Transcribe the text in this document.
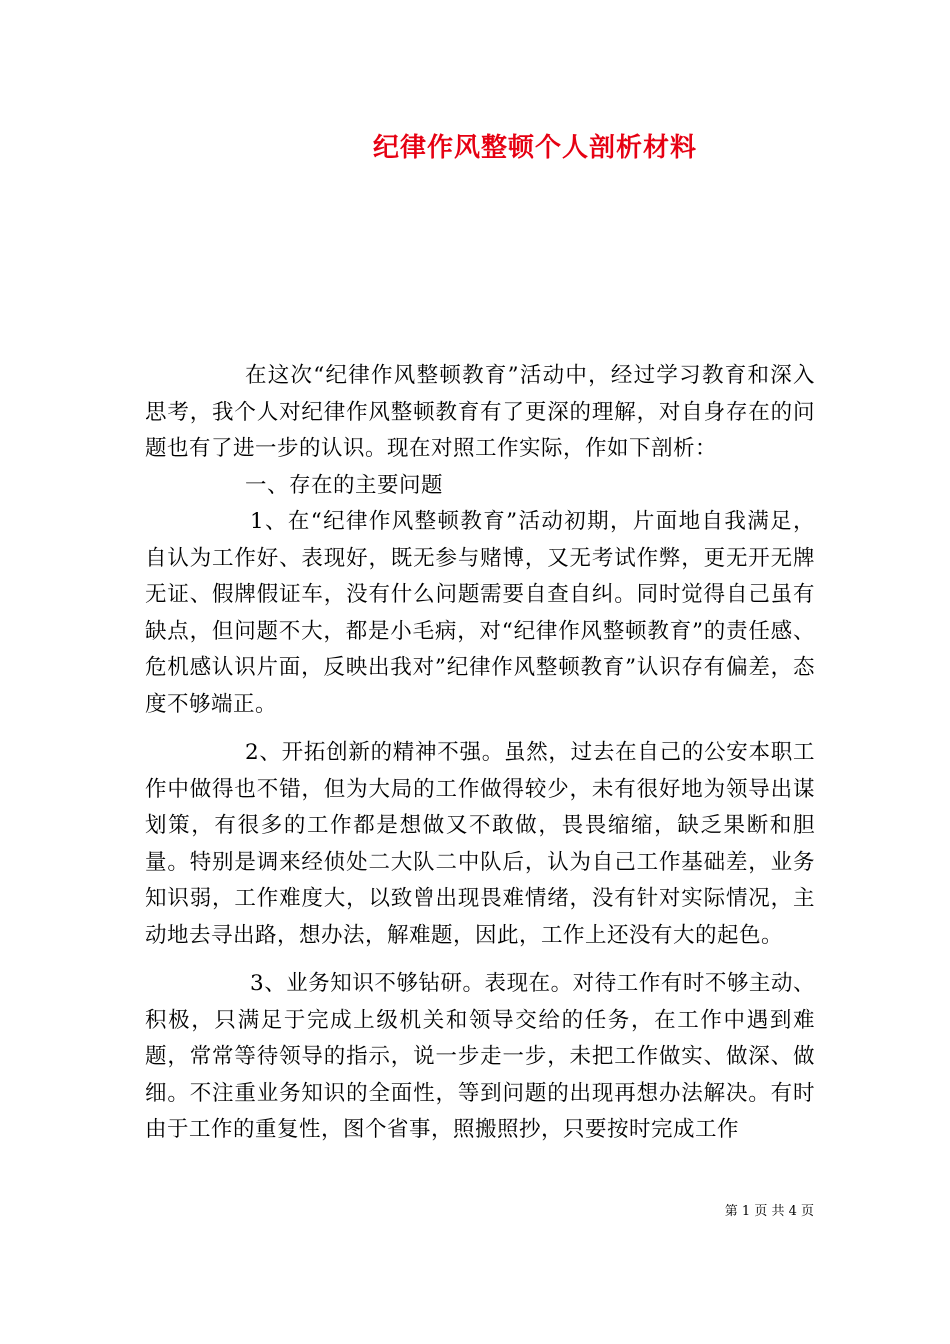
纪律作风整顿个人剖析材料

在这次“纪律作风整顿教育”活动中，经过学习教育和深入思考，我个人对纪律作风整顿教育有了更深的理解，对自身存在的问题也有了进一步的认识。现在对照工作实际，作如下剖析：

一、存在的主要问题

1、在“纪律作风整顿教育”活动初期，片面地自我满足，自认为工作好、表现好，既无参与赌博，又无考试作弊，更无开无牌无证、假牌假证车，没有什么问题需要自查自纠。同时觉得自己虽有缺点，但问题不大，都是小毛病，对“纪律作风整顿教育”的责任感、危机感认识片面，反映出我对”纪律作风整顿教育”认识存有偏差，态度不够端正。

2、开拓创新的精神不强。虽然，过去在自己的公安本职工作中做得也不错，但为大局的工作做得较少，未有很好地为领导出谋划策，有很多的工作都是想做又不敢做，畏畏缩缩，缺乏果断和胆量。特别是调来经侦处二大队二中队后，认为自己工作基础差，业务知识弱，工作难度大，以致曾出现畏难情绪，没有针对实际情况，主动地去寻出路，想办法，解难题，因此，工作上还没有大的起色。

3、业务知识不够钻研。表现在。对待工作有时不够主动、积极，只满足于完成上级机关和领导交给的任务，在工作中遇到难题，常常等待领导的指示，说一步走一步，未把工作做实、做深、做细。不注重业务知识的全面性，等到问题的出现再想办法解决。有时由于工作的重复性，图个省事，照搬照抄，只要按时完成工作

第 1 页 共 4 页
